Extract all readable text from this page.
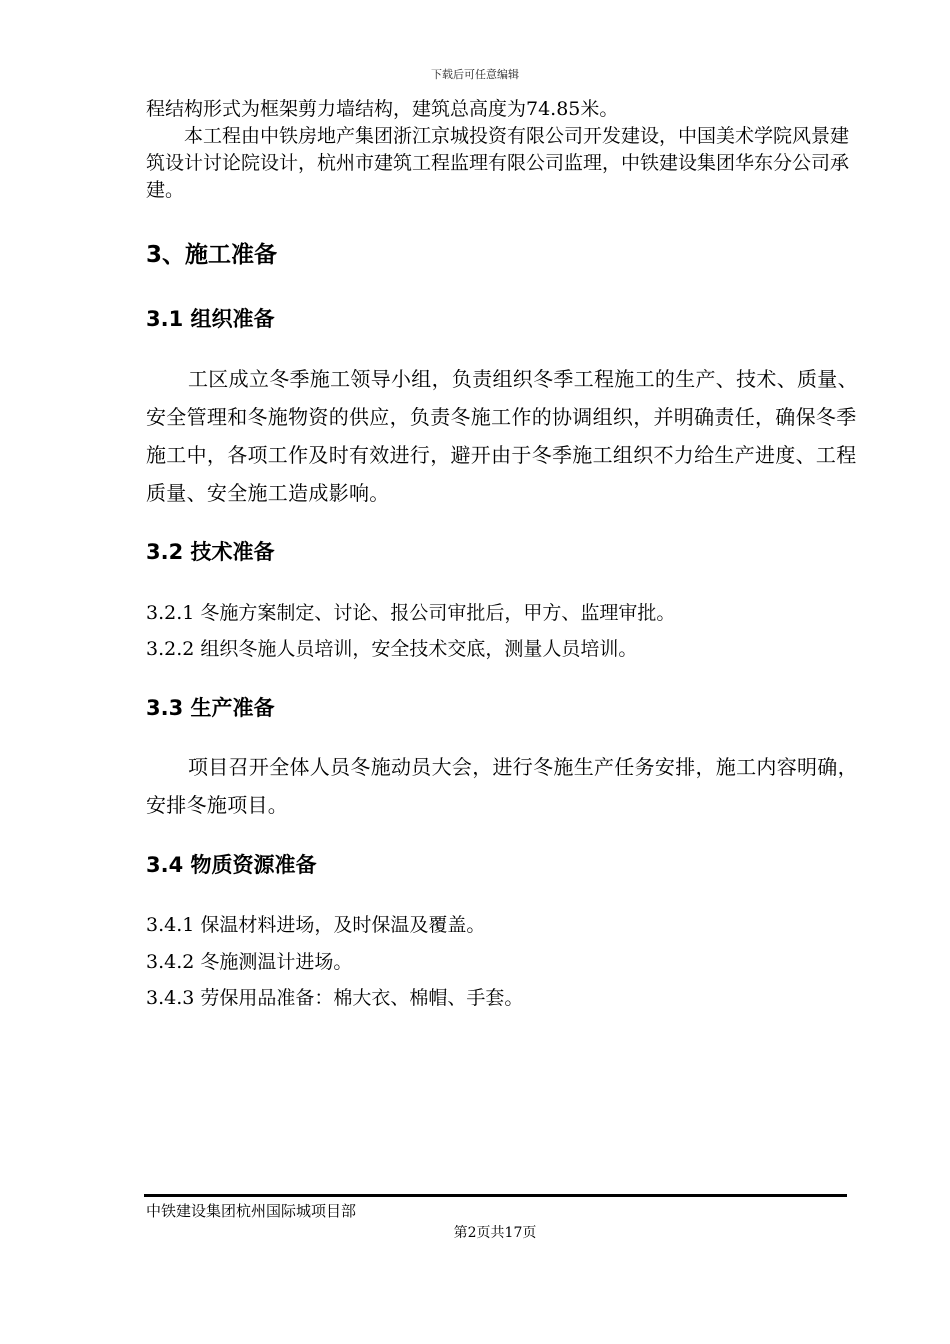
下载后可任意编辑

程结构形式为框架剪力墙结构，建筑总高度为74.85米。

本工程由中铁房地产集团浙江京城投资有限公司开发建设，中国美术学院风景建筑设计讨论院设计，杭州市建筑工程监理有限公司监理，中铁建设集团华东分公司承建。

3、施工准备
3.1 组织准备

工区成立冬季施工领导小组，负责组织冬季工程施工的生产、技术、质量、安全管理和冬施物资的供应，负责冬施工作的协调组织，并明确责任，确保冬季施工中，各项工作及时有效进行，避开由于冬季施工组织不力给生产进度、工程质量、安全施工造成影响。

3.2 技术准备

3.2.1 冬施方案制定、讨论、报公司审批后，甲方、监理审批。

3.2.2 组织冬施人员培训，安全技术交底，测量人员培训。

3.3 生产准备

项目召开全体人员冬施动员大会，进行冬施生产任务安排，施工内容明确，安排冬施项目。

3.4 物质资源准备

3.4.1 保温材料进场，及时保温及覆盖。

3.4.2 冬施测温计进场。

3.4.3 劳保用品准备：棉大衣、棉帽、手套。

中铁建设集团杭州国际城项目部
第2页共17页
